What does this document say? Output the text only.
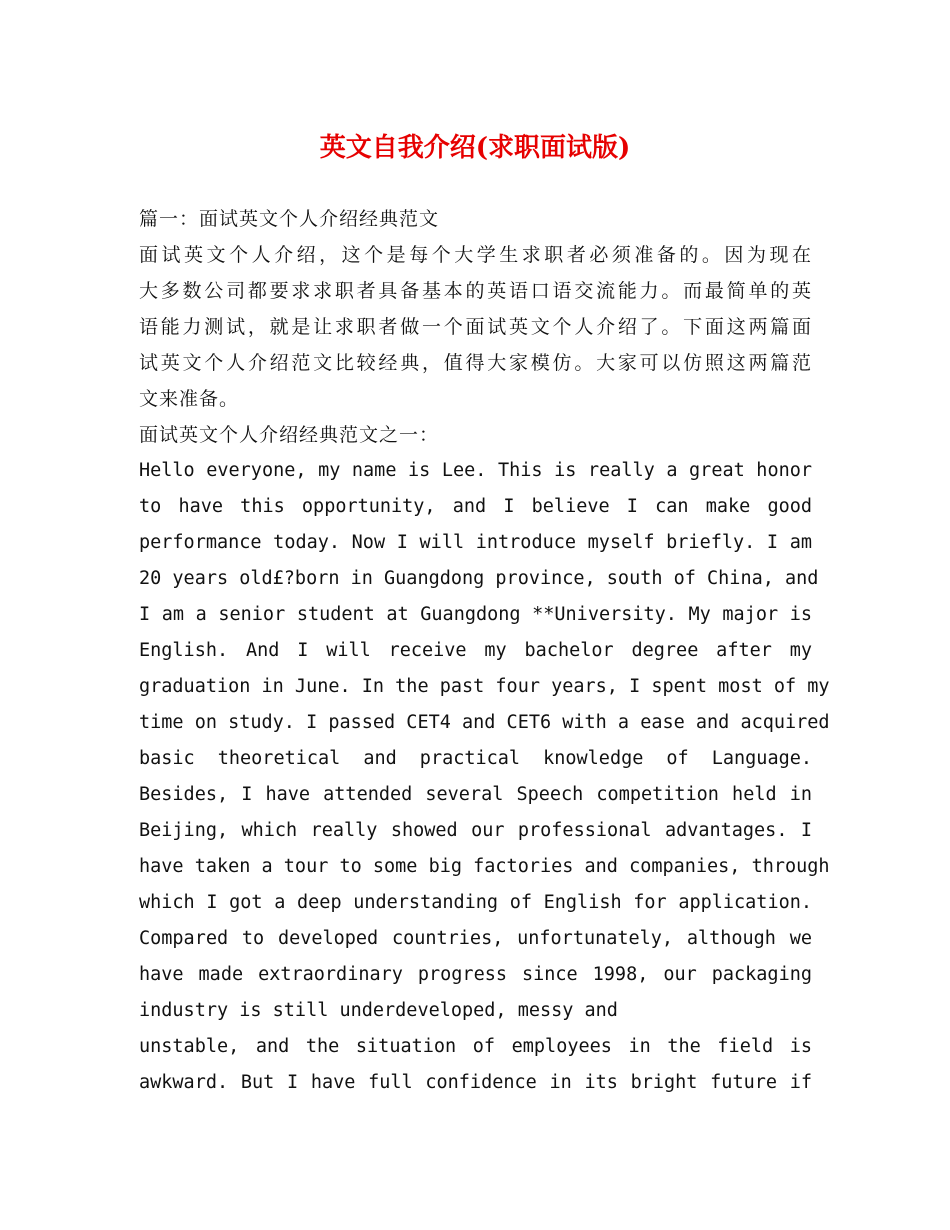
英文自我介绍(求职面试版)

篇一：面试英文个人介绍经典范文

面试英文个人介绍，这个是每个大学生求职者必须准备的。因为现在

大多数公司都要求求职者具备基本的英语口语交流能力。而最简单的英

语能力测试，就是让求职者做一个面试英文个人介绍了。下面这两篇面

试英文个人介绍范文比较经典，值得大家模仿。大家可以仿照这两篇范

文来准备。

面试英文个人介绍经典范文之一：

Hello everyone, my name is Lee. This is really a great honor

to have this opportunity, and I believe I can make good

performance today. Now I will introduce myself briefly. I am

20 years old£?born in Guangdong province, south of China, and

I am a senior student at Guangdong **University. My major is

English. And I will receive my bachelor degree after my

graduation in June. In the past four years, I spent most of my

time on study. I passed CET4 and CET6 with a ease and acquired

basic theoretical and practical knowledge of Language.

Besides, I have attended several Speech competition held in

Beijing, which really showed our professional advantages. I

have taken a tour to some big factories and companies, through

which I got a deep understanding of English for application.

Compared to developed countries, unfortunately, although we

have made extraordinary progress since 1998, our packaging

industry is still underdeveloped, messy and

unstable, and the situation of employees in the field is

awkward. But I have full confidence in its bright future if
